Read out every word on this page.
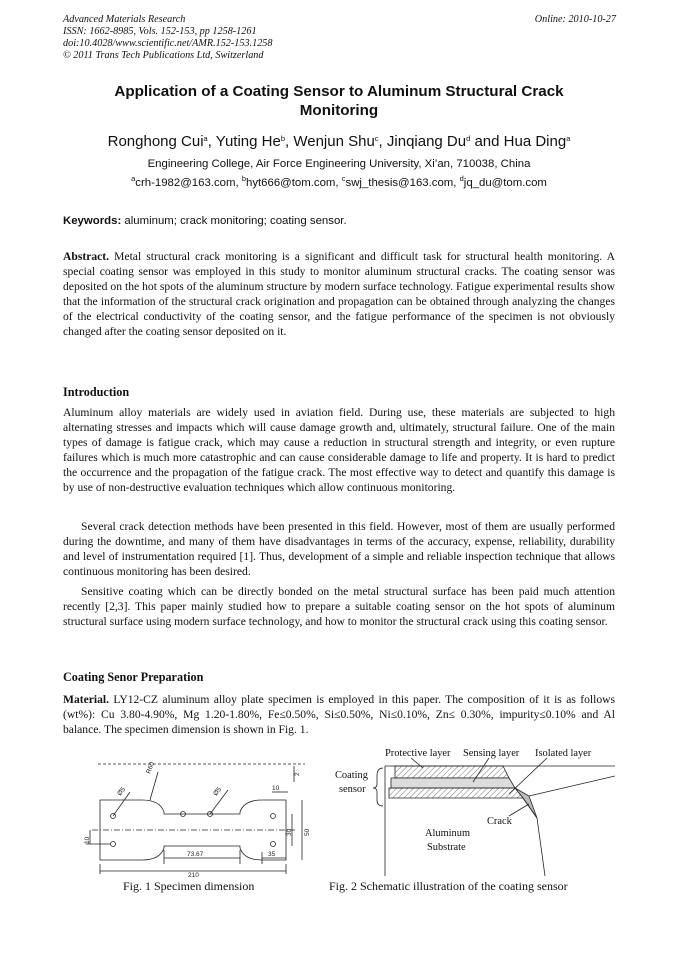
Advanced Materials Research
ISSN: 1662-8985, Vols. 152-153, pp 1258-1261
doi:10.4028/www.scientific.net/AMR.152-153.1258
© 2011 Trans Tech Publications Ltd, Switzerland
Online: 2010-10-27
Application of a Coating Sensor to Aluminum Structural Crack
Monitoring
Ronghong Cui$^a$, Yuting He$^b$, Wenjun Shu$^c$, Jinqiang Du$^d$ and Hua Ding$^a$
Engineering College, Air Force Engineering University, Xi’an, 710038, China
$^a$crh-1982@163.com, $^b$hyt666@tom.com, $^c$swj_thesis@163.com, $^d$jq_du@tom.com
Keywords: aluminum; crack monitoring; coating sensor.
Abstract. Metal structural crack monitoring is a significant and difficult task for structural health monitoring. A special coating sensor was employed in this study to monitor aluminum structural cracks. The coating sensor was deposited on the hot spots of the aluminum structure by modern surface technology. Fatigue experimental results show that the information of the structural crack origination and propagation can be obtained through analyzing the changes of the electrical conductivity of the coating sensor, and the fatigue performance of the specimen is not obviously changed after the coating sensor deposited on it.
Introduction
Aluminum alloy materials are widely used in aviation field. During use, these materials are subjected to high alternating stresses and impacts which will cause damage growth and, ultimately, structural failure. One of the main types of damage is fatigue crack, which may cause a reduction in structural strength and integrity, or even rupture failures which is much more catastrophic and can cause considerable damage to life and property. It is hard to predict the occurrence and the propagation of the fatigue crack. The most effective way to detect and quantify this damage is by use of non-destructive evaluation techniques which allow continuous monitoring.
Several crack detection methods have been presented in this field. However, most of them are usually performed during the downtime, and many of them have disadvantages in terms of the accuracy, expense, reliability, durability and level of instrumentation required [1]. Thus, development of a simple and reliable inspection technique that allows continuous monitoring has been desired.
Sensitive coating which can be directly bonded on the metal structural surface has been paid much attention recently [2,3]. This paper mainly studied how to prepare a suitable coating sensor on the hot spots of aluminum structural surface using modern surface technology, and how to monitor the structural crack using this coating sensor.
Coating Senor Preparation
Material. LY12-CZ aluminum alloy plate specimen is employed in this paper. The composition of it is as follows (wt%): Cu 3.80-4.90%, Mg 1.20-1.80%, Fe≤0.50%, Si≤0.50%, Ni≤0.10%, Zn≤ 0.30%, impurity≤0.10% and Al balance. The specimen dimension is shown in Fig. 1.
R60
Ø5	Ø5	10
2
30 50
10
73.67	35
210
Protective layer Sensing layer Isolated layer
Coating
sensor
Crack
Aluminum
Substrate
Fig. 1 Specimen dimension	Fig. 2 Schematic illustration of the coating sensor
